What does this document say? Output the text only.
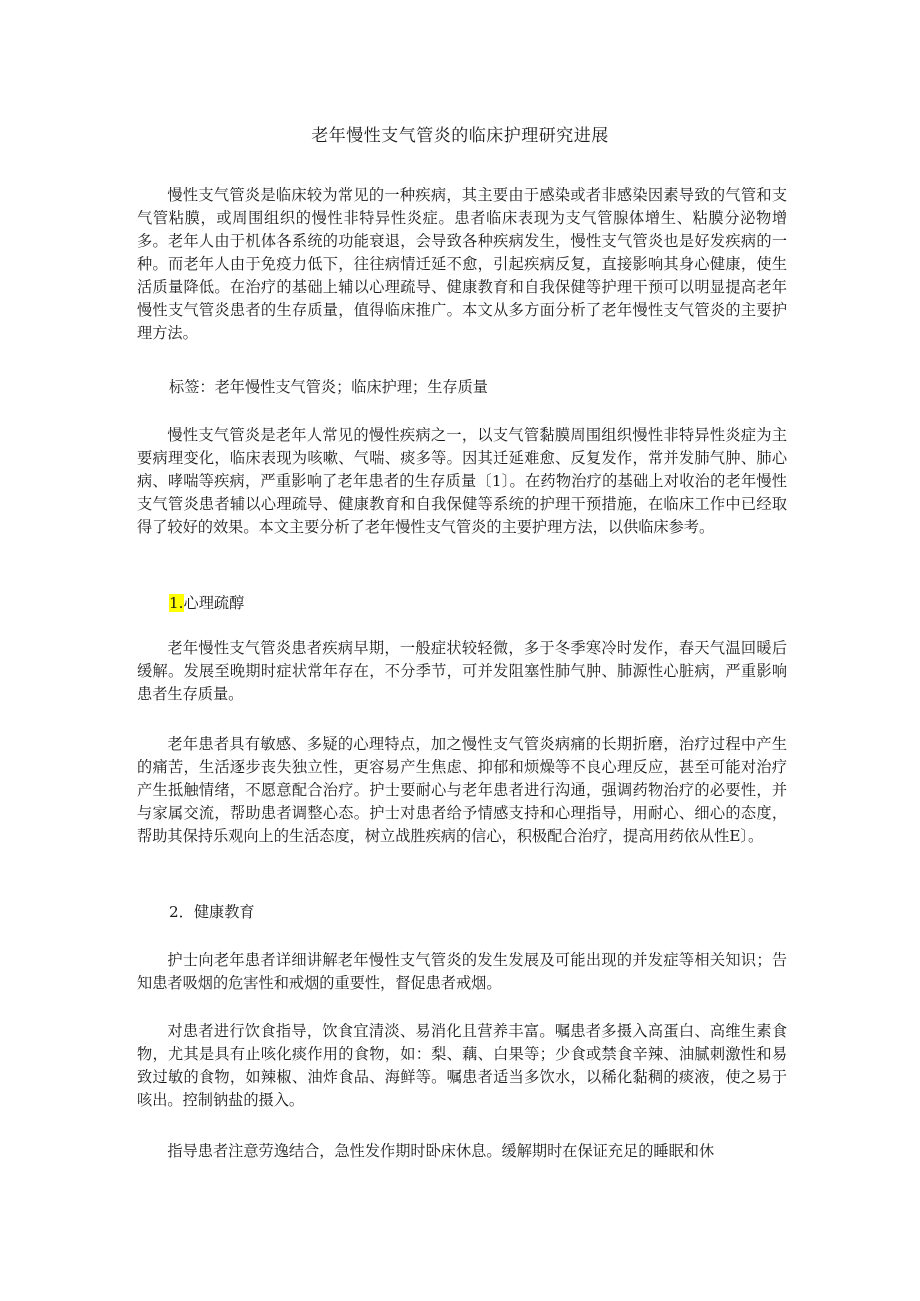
老年慢性支气管炎的临床护理研究进展

慢性支气管炎是临床较为常见的一种疾病，其主要由于感染或者非感染因素导致的气管和支气管粘膜，或周围组织的慢性非特异性炎症。患者临床表现为支气管腺体增生、粘膜分泌物增多。老年人由于机体各系统的功能衰退，会导致各种疾病发生，慢性支气管炎也是好发疾病的一种。而老年人由于免疫力低下，往往病情迁延不愈，引起疾病反复，直接影响其身心健康，使生活质量降低。在治疗的基础上辅以心理疏导、健康教育和自我保健等护理干预可以明显提高老年慢性支气管炎患者的生存质量，值得临床推广。本文从多方面分析了老年慢性支气管炎的主要护理方法。

标签：老年慢性支气管炎；临床护理；生存质量

慢性支气管炎是老年人常见的慢性疾病之一，以支气管黏膜周围组织慢性非特异性炎症为主要病理变化，临床表现为咳嗽、气喘、痰多等。因其迁延难愈、反复发作，常并发肺气肿、肺心病、哮喘等疾病，严重影响了老年患者的生存质量〔1〕。在药物治疗的基础上对收治的老年慢性支气管炎患者辅以心理疏导、健康教育和自我保健等系统的护理干预措施，在临床工作中已经取得了较好的效果。本文主要分析了老年慢性支气管炎的主要护理方法，以供临床参考。

1.心理疏醇

老年慢性支气管炎患者疾病早期，一般症状较轻微，多于冬季寒冷时发作，春天气温回暖后缓解。发展至晚期时症状常年存在，不分季节，可并发阻塞性肺气肿、肺源性心脏病，严重影响患者生存质量。

老年患者具有敏感、多疑的心理特点，加之慢性支气管炎病痛的长期折磨，治疗过程中产生的痛苦，生活逐步丧失独立性，更容易产生焦虑、抑郁和烦燥等不良心理反应，甚至可能对治疗产生抵触情绪，不愿意配合治疗。护士要耐心与老年患者进行沟通，强调药物治疗的必要性，并与家属交流，帮助患者调整心态。护士对患者给予情感支持和心理指导，用耐心、细心的态度，帮助其保持乐观向上的生活态度，树立战胜疾病的信心，积极配合治疗，提高用药依从性E〕。

2．健康教育

护士向老年患者详细讲解老年慢性支气管炎的发生发展及可能出现的并发症等相关知识；告知患者吸烟的危害性和戒烟的重要性，督促患者戒烟。

对患者进行饮食指导，饮食宜清淡、易消化且营养丰富。嘱患者多摄入高蛋白、高维生素食物，尤其是具有止咳化痰作用的食物，如：梨、藕、白果等；少食或禁食辛辣、油腻刺激性和易致过敏的食物，如辣椒、油炸食品、海鲜等。嘱患者适当多饮水，以稀化黏稠的痰液，使之易于咳出。控制钠盐的摄入。

指导患者注意劳逸结合，急性发作期时卧床休息。缓解期时在保证充足的睡眠和休
